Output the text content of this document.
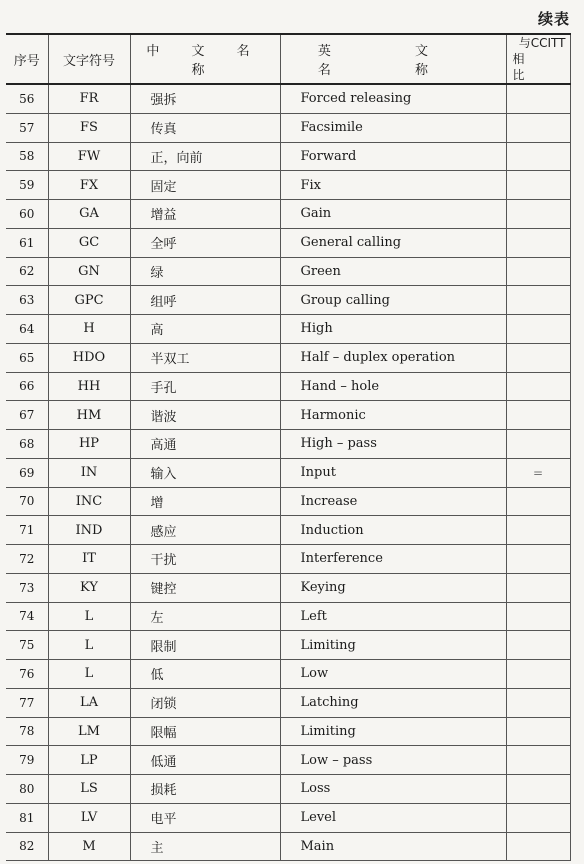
续表
序号	文字符号	中 文 名 称	英 文 名 称	与CCITT
相 比

56	FR	强拆	Forced releasing	
57	FS	传真	Facsimile	
58	FW	正，向前	Forward	
59	FX	固定	Fix	
60	GA	增益	Gain	
61	GC	全呼	General calling	
62	GN	绿	Green	
63	GPC	组呼	Group calling	
64	H	高	High	
65	HDO	半双工	Half – duplex operation	
66	HH	手孔	Hand – hole	
67	HM	谐波	Harmonic	
68	HP	高通	High – pass	
69	IN	输入	Input	=
70	INC	增	Increase	
71	IND	感应	Induction	
72	IT	干扰	Interference	
73	KY	键控	Keying	
74	L	左	Left	
75	L	限制	Limiting	
76	L	低	Low	
77	LA	闭锁	Latching	
78	LM	限幅	Limiting	
79	LP	低通	Low – pass	
80	LS	损耗	Loss	
81	LV	电平	Level	
82	M	主	Main	
